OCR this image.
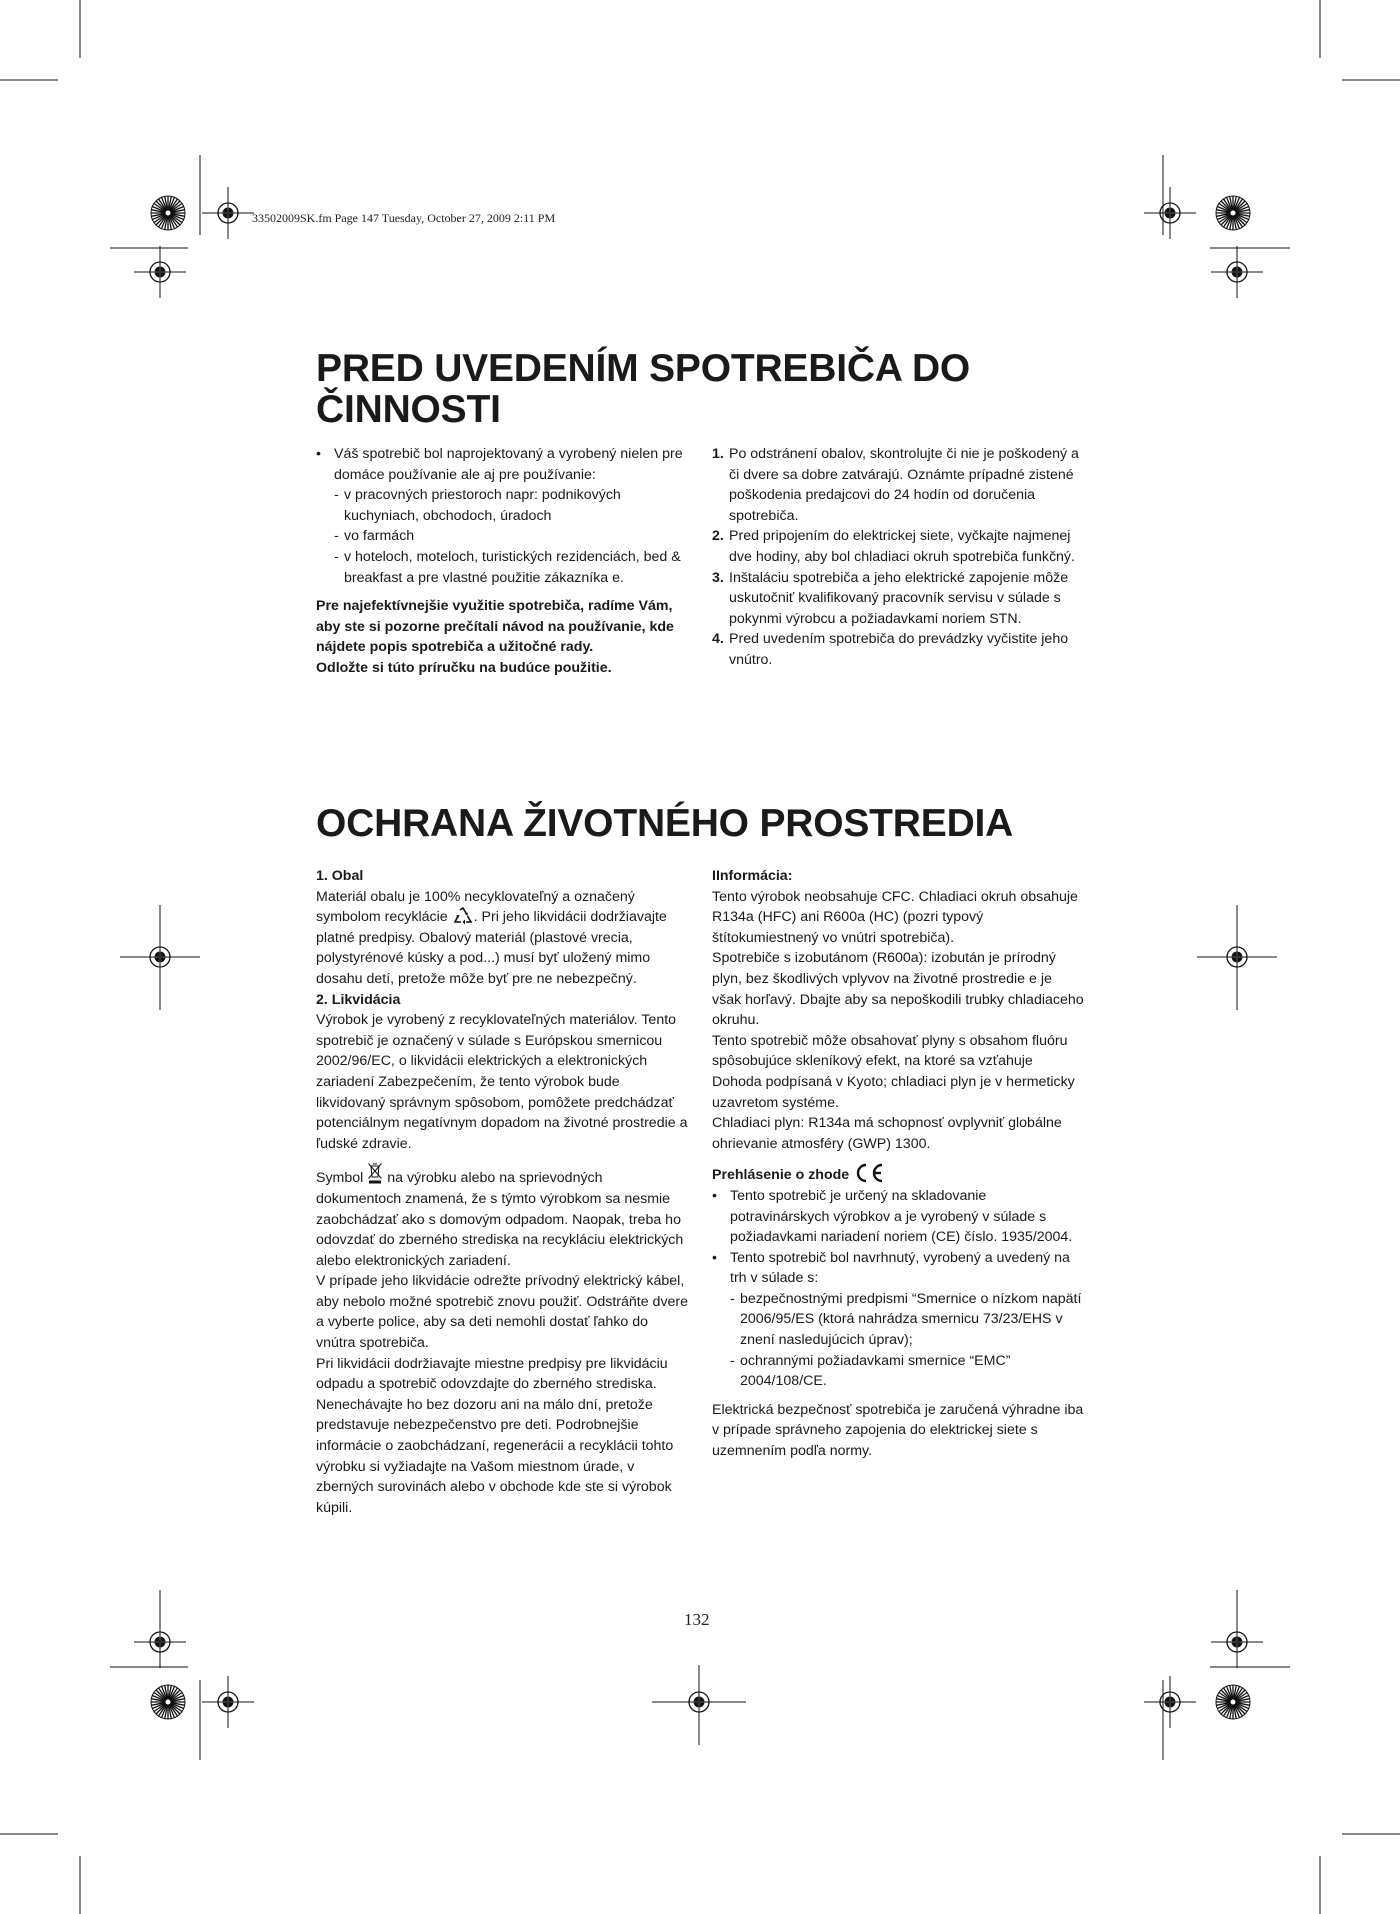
33502009SK.fm Page 147 Tuesday, October 27, 2009 2:11 PM
PRED UVEDENÍM SPOTREBIČA DO
ČINNOSTI
• Váš spotrebič bol naprojektovaný a vyrobený nielen pre domáce používanie ale aj pre používanie:

- v pracovných priestoroch napr: podnikových kuchyniach, obchodoch, úradoch

- vo farmách

- v hoteloch, moteloch, turistických rezidenciách, bed & breakfast a pre vlastné použitie zákazníka e.

Pre najefektívnejšie využitie spotrebiča, radíme Vám, aby ste si pozorne prečítali návod na používanie, kde nájdete popis spotrebiča a užitočné rady.

Odložte si túto príručku na budúce použitie.

1. Po odstránení obalov, skontrolujte či nie je poškodený a či dvere sa dobre zatvárajú. Oznámte prípadné zistené poškodenia predajcovi do 24 hodín od doručenia spotrebiča.

2. Pred pripojením do elektrickej siete, vyčkajte najmenej dve hodiny, aby bol chladiaci okruh spotrebiča funkčný.

3. Inštaláciu spotrebiča a jeho elektrické zapojenie môže uskutočniť kvalifikovaný pracovník servisu v súlade s pokynmi výrobcu a požiadavkami noriem STN.

4. Pred uvedením spotrebiča do prevádzky vyčistite jeho vnútro.

OCHRANA ŽIVOTNÉHO PROSTREDIA

1. Obal

Materiál obalu je 100% necyklovateľný a označený symbolom recyklácie . Pri jeho likvidácii dodržiavajte platné predpisy. Obalový materiál (plastové vrecia, polystyrénové kúsky a pod...) musí byť uložený mimo dosahu detí, pretože môže byť pre ne nebezpečný.

2. Likvidácia

Výrobok je vyrobený z recyklovateľných materiálov. Tento spotrebič je označený v súlade s Európskou smernicou 2002/96/EC, o likvidácii elektrických a elektronických zariadení Zabezpečením, že tento výrobok bude likvidovaný správnym spôsobom, pomôžete predchádzať potenciálnym negatívnym dopadom na životné prostredie a ľudské zdravie.

Symbol na výrobku alebo na sprievodných dokumentoch znamená, že s týmto výrobkom sa nesmie zaobchádzať ako s domovým odpadom. Naopak, treba ho odovzdať do zberného strediska na recykláciu elektrických alebo elektronických zariadení.

V prípade jeho likvidácie odrežte prívodný elektrický kábel, aby nebolo možné spotrebič znovu použiť. Odstráňte dvere a vyberte police, aby sa deti nemohli dostať ľahko do vnútra spotrebiča.

Pri likvidácii dodržiavajte miestne predpisy pre likvidáciu odpadu a spotrebič odovzdajte do zberného strediska. Nenechávajte ho bez dozoru ani na málo dní, pretože predstavuje nebezpečenstvo pre deti. Podrobnejšie informácie o zaobchádzaní, regenerácii a recyklácii tohto výrobku si vyžiadajte na Vašom miestnom úrade, v zberných surovinách alebo v obchode kde ste si výrobok kúpili.

IInformácia:

Tento výrobok neobsahuje CFC. Chladiaci okruh obsahuje R134a (HFC) ani R600a (HC) (pozri typový štítokumiestnený vo vnútri spotrebiča).

Spotrebiče s izobutánom (R600a): izobután je prírodný plyn, bez škodlivých vplyvov na životné prostredie e je však horľavý. Dbajte aby sa nepoškodili trubky chladiaceho okruhu.

Tento spotrebič môže obsahovať plyny s obsahom fluóru spôsobujúce skleníkový efekt, na ktoré sa vzťahuje Dohoda podpísaná v Kyoto; chladiaci plyn je v hermeticky uzavretom systéme.

Chladiaci plyn: R134a má schopnosť ovplyvniť globálne

ohrievanie atmosféry (GWP) 1300.

Prehlásenie o zhode

• Tento spotrebič je určený na skladovanie potravinárskych výrobkov a je vyrobený v súlade s požiadavkami nariadení noriem (CE) číslo. 1935/2004.

• Tento spotrebič bol navrhnutý, vyrobený a uvedený na trh v súlade s:

- bezpečnostnými predpismi “Smernice o nízkom napätí 2006/95/ES (ktorá nahrádza smernicu 73/23/EHS v znení nasledujúcich úprav);

- ochrannými požiadavkami smernice “EMC” 2004/108/CE.

Elektrická bezpečnosť spotrebiča je zaručená výhradne iba v prípade správneho zapojenia do elektrickej siete s uzemnením podľa normy.

132
